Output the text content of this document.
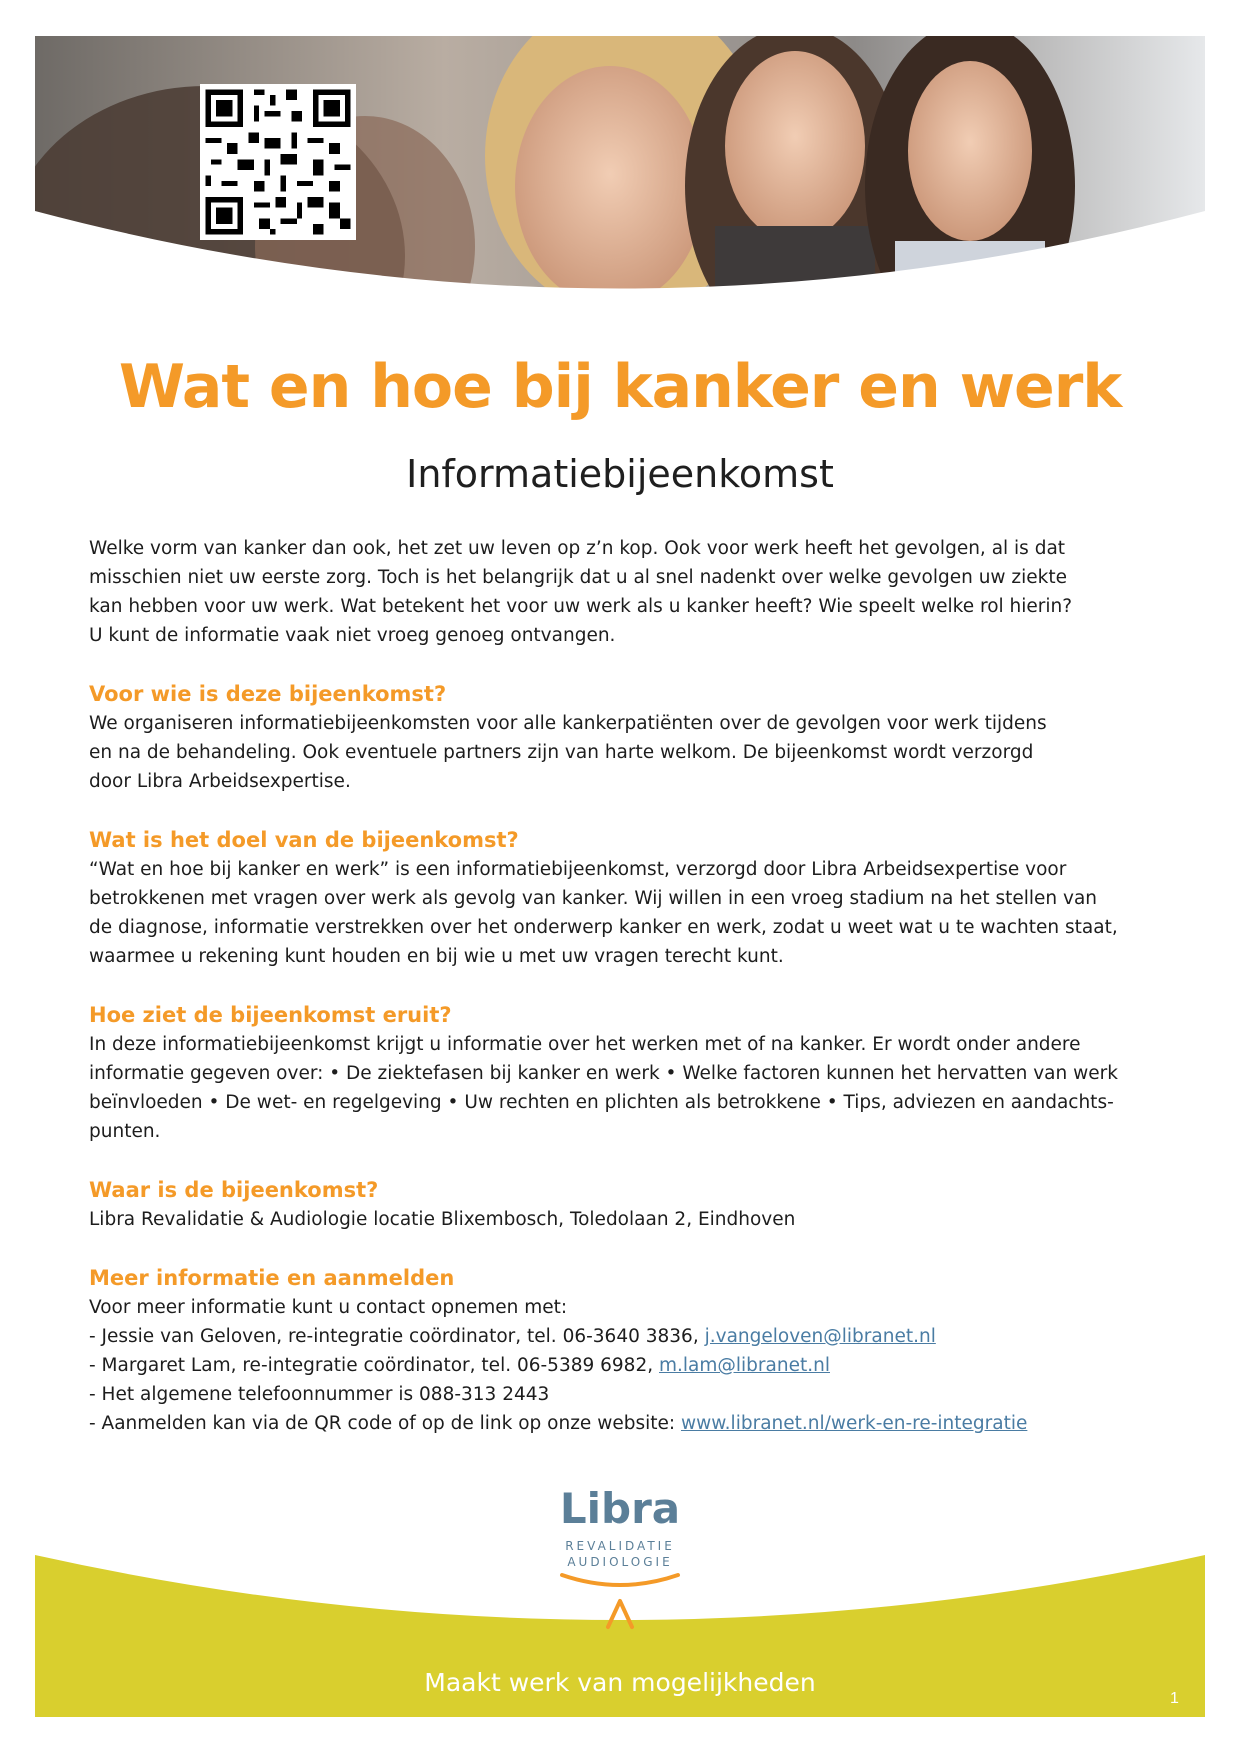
Wat en hoe bij kanker en werk

Informatiebijeenkomst

Welke vorm van kanker dan ook, het zet uw leven op z’n kop. Ook voor werk heeft het gevolgen, al is dat
misschien niet uw eerste zorg. Toch is het belangrijk dat u al snel nadenkt over welke gevolgen uw ziekte
kan hebben voor uw werk. Wat betekent het voor uw werk als u kanker heeft? Wie speelt welke rol hierin?
U kunt de informatie vaak niet vroeg genoeg ontvangen.

Voor wie is deze bijeenkomst?
We organiseren informatiebijeenkomsten voor alle kankerpatiënten over de gevolgen voor werk tijdens
en na de behandeling. Ook eventuele partners zijn van harte welkom. De bijeenkomst wordt verzorgd
door Libra Arbeidsexpertise.
Wat is het doel van de bijeenkomst?
“Wat en hoe bij kanker en werk” is een informatiebijeenkomst, verzorgd door Libra Arbeidsexpertise voor
betrokkenen met vragen over werk als gevolg van kanker. Wij willen in een vroeg stadium na het stellen van
de diagnose, informatie verstrekken over het onderwerp kanker en werk, zodat u weet wat u te wachten staat,
waarmee u rekening kunt houden en bij wie u met uw vragen terecht kunt.
Hoe ziet de bijeenkomst eruit?
In deze informatiebijeenkomst krijgt u informatie over het werken met of na kanker. Er wordt onder andere
informatie gegeven over: • De ziektefasen bij kanker en werk • Welke factoren kunnen het hervatten van werk
beïnvloeden • De wet- en regelgeving • Uw rechten en plichten als betrokkene • Tips, adviezen en aandachts-
punten.
Waar is de bijeenkomst?
Libra Revalidatie & Audiologie locatie Blixembosch, Toledolaan 2, Eindhoven
Meer informatie en aanmelden
Voor meer informatie kunt u contact opnemen met:
- Jessie van Geloven, re-integratie coördinator, tel. 06-3640 3836, j.vangeloven@libranet.nl
- Margaret Lam, re-integratie coördinator, tel. 06-5389 6982, m.lam@libranet.nl
- Het algemene telefoonnummer is 088-313 2443
- Aanmelden kan via de QR code of op de link op onze website: www.libranet.nl/werk-en-re-integratie
Libra
REVALIDATIE
AUDIOLOGIE

Maakt werk van mogelijkheden

1
